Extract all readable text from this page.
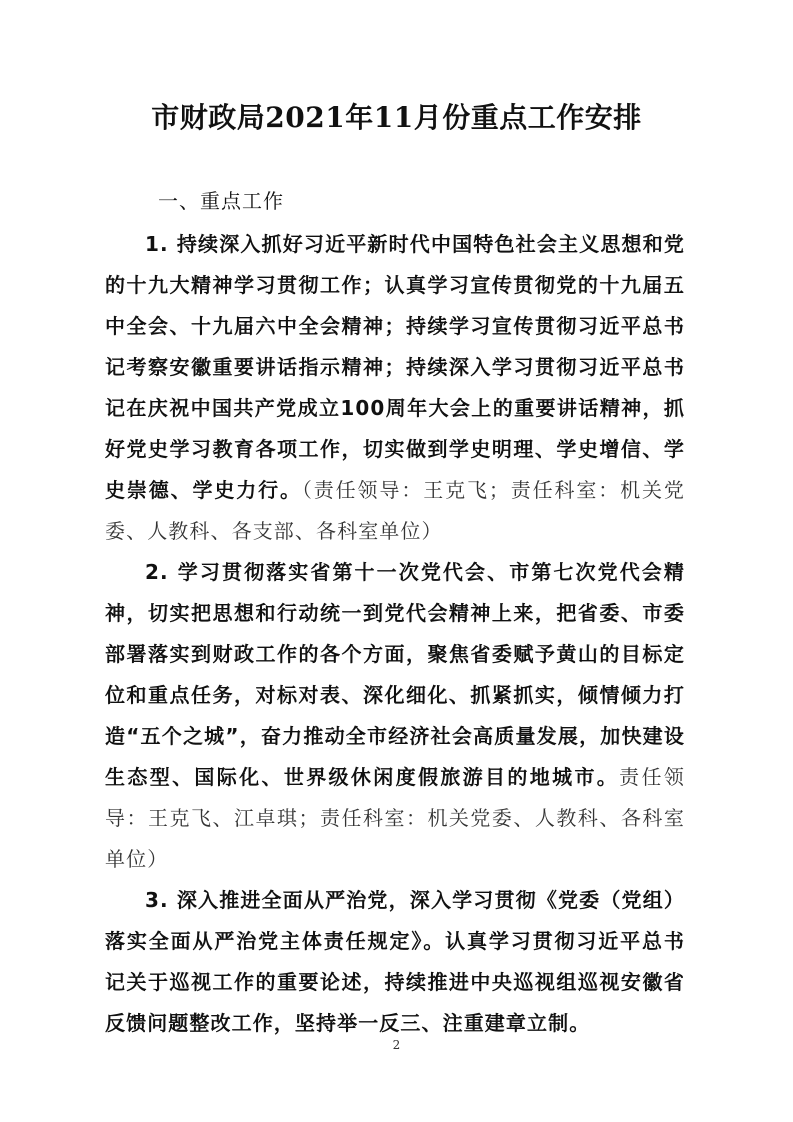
市财政局2021年11月份重点工作安排
一、重点工作

1. 持续深入抓好习近平新时代中国特色社会主义思想和党的十九大精神学习贯彻工作；认真学习宣传贯彻党的十九届五中全会、十九届六中全会精神；持续学习宣传贯彻习近平总书记考察安徽重要讲话指示精神；持续深入学习贯彻习近平总书记在庆祝中国共产党成立100周年大会上的重要讲话精神，抓好党史学习教育各项工作，切实做到学史明理、学史增信、学史崇德、学史力行。（责任领导：王克飞；责任科室：机关党委、人教科、各支部、各科室单位）

2. 学习贯彻落实省第十一次党代会、市第七次党代会精神，切实把思想和行动统一到党代会精神上来，把省委、市委部署落实到财政工作的各个方面，聚焦省委赋予黄山的目标定位和重点任务，对标对表、深化细化、抓紧抓实，倾情倾力打造“五个之城”，奋力推动全市经济社会高质量发展，加快建设生态型、国际化、世界级休闲度假旅游目的地城市。责任领导：王克飞、江卓琪；责任科室：机关党委、人教科、各科室单位）

3. 深入推进全面从严治党，深入学习贯彻《党委（党组）落实全面从严治党主体责任规定》。认真学习贯彻习近平总书记关于巡视工作的重要论述，持续推进中央巡视组巡视安徽省反馈问题整改工作，坚持举一反三、注重建章立制。

2
